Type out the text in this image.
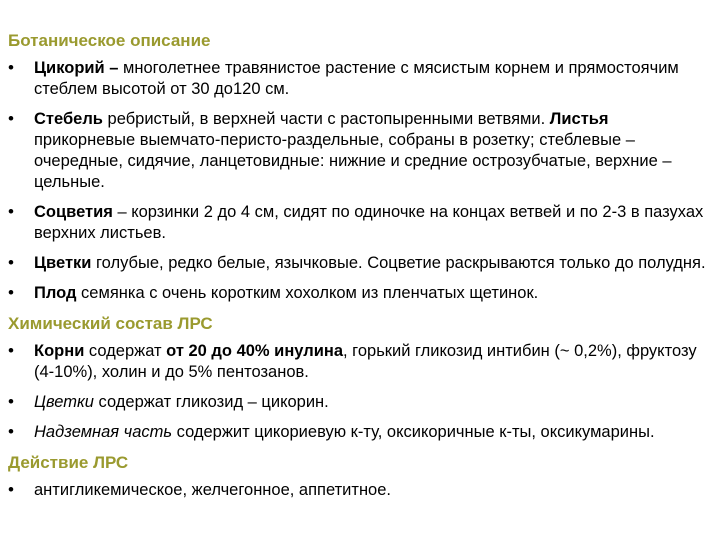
Ботаническое описание
• Цикорий – многолетнее травянистое растение с мясистым корнем и прямостоячим стеблем высотой от 30 до120 см.
• Стебель ребристый, в верхней части с растопыренными ветвями. Листья прикорневые выемчато-перисто-раздельные, собраны в розетку; стеблевые – очередные, сидячие, ланцетовидные: нижние и средние острозубчатые, верхние – цельные.
• Соцветия – корзинки 2 до 4 см, сидят по одиночке на концах ветвей и по 2-3 в пазухах верхних листьев.
• Цветки голубые, редко белые, язычковые. Соцветие раскрываются только до полудня.
• Плод семянка с очень коротким хохолком из пленчатых щетинок.
Химический состав ЛРС
• Корни содержат от 20 до 40% инулина, горький гликозид интибин (~ 0,2%), фруктозу (4-10%), холин и до 5% пентозанов.
• Цветки содержат гликозид – цикорин.
• Надземная часть содержит цикориевую к-ту, оксикоричные к-ты, оксикумарины.
Действие ЛРС
• антигликемическое, желчегонное, аппетитное.
